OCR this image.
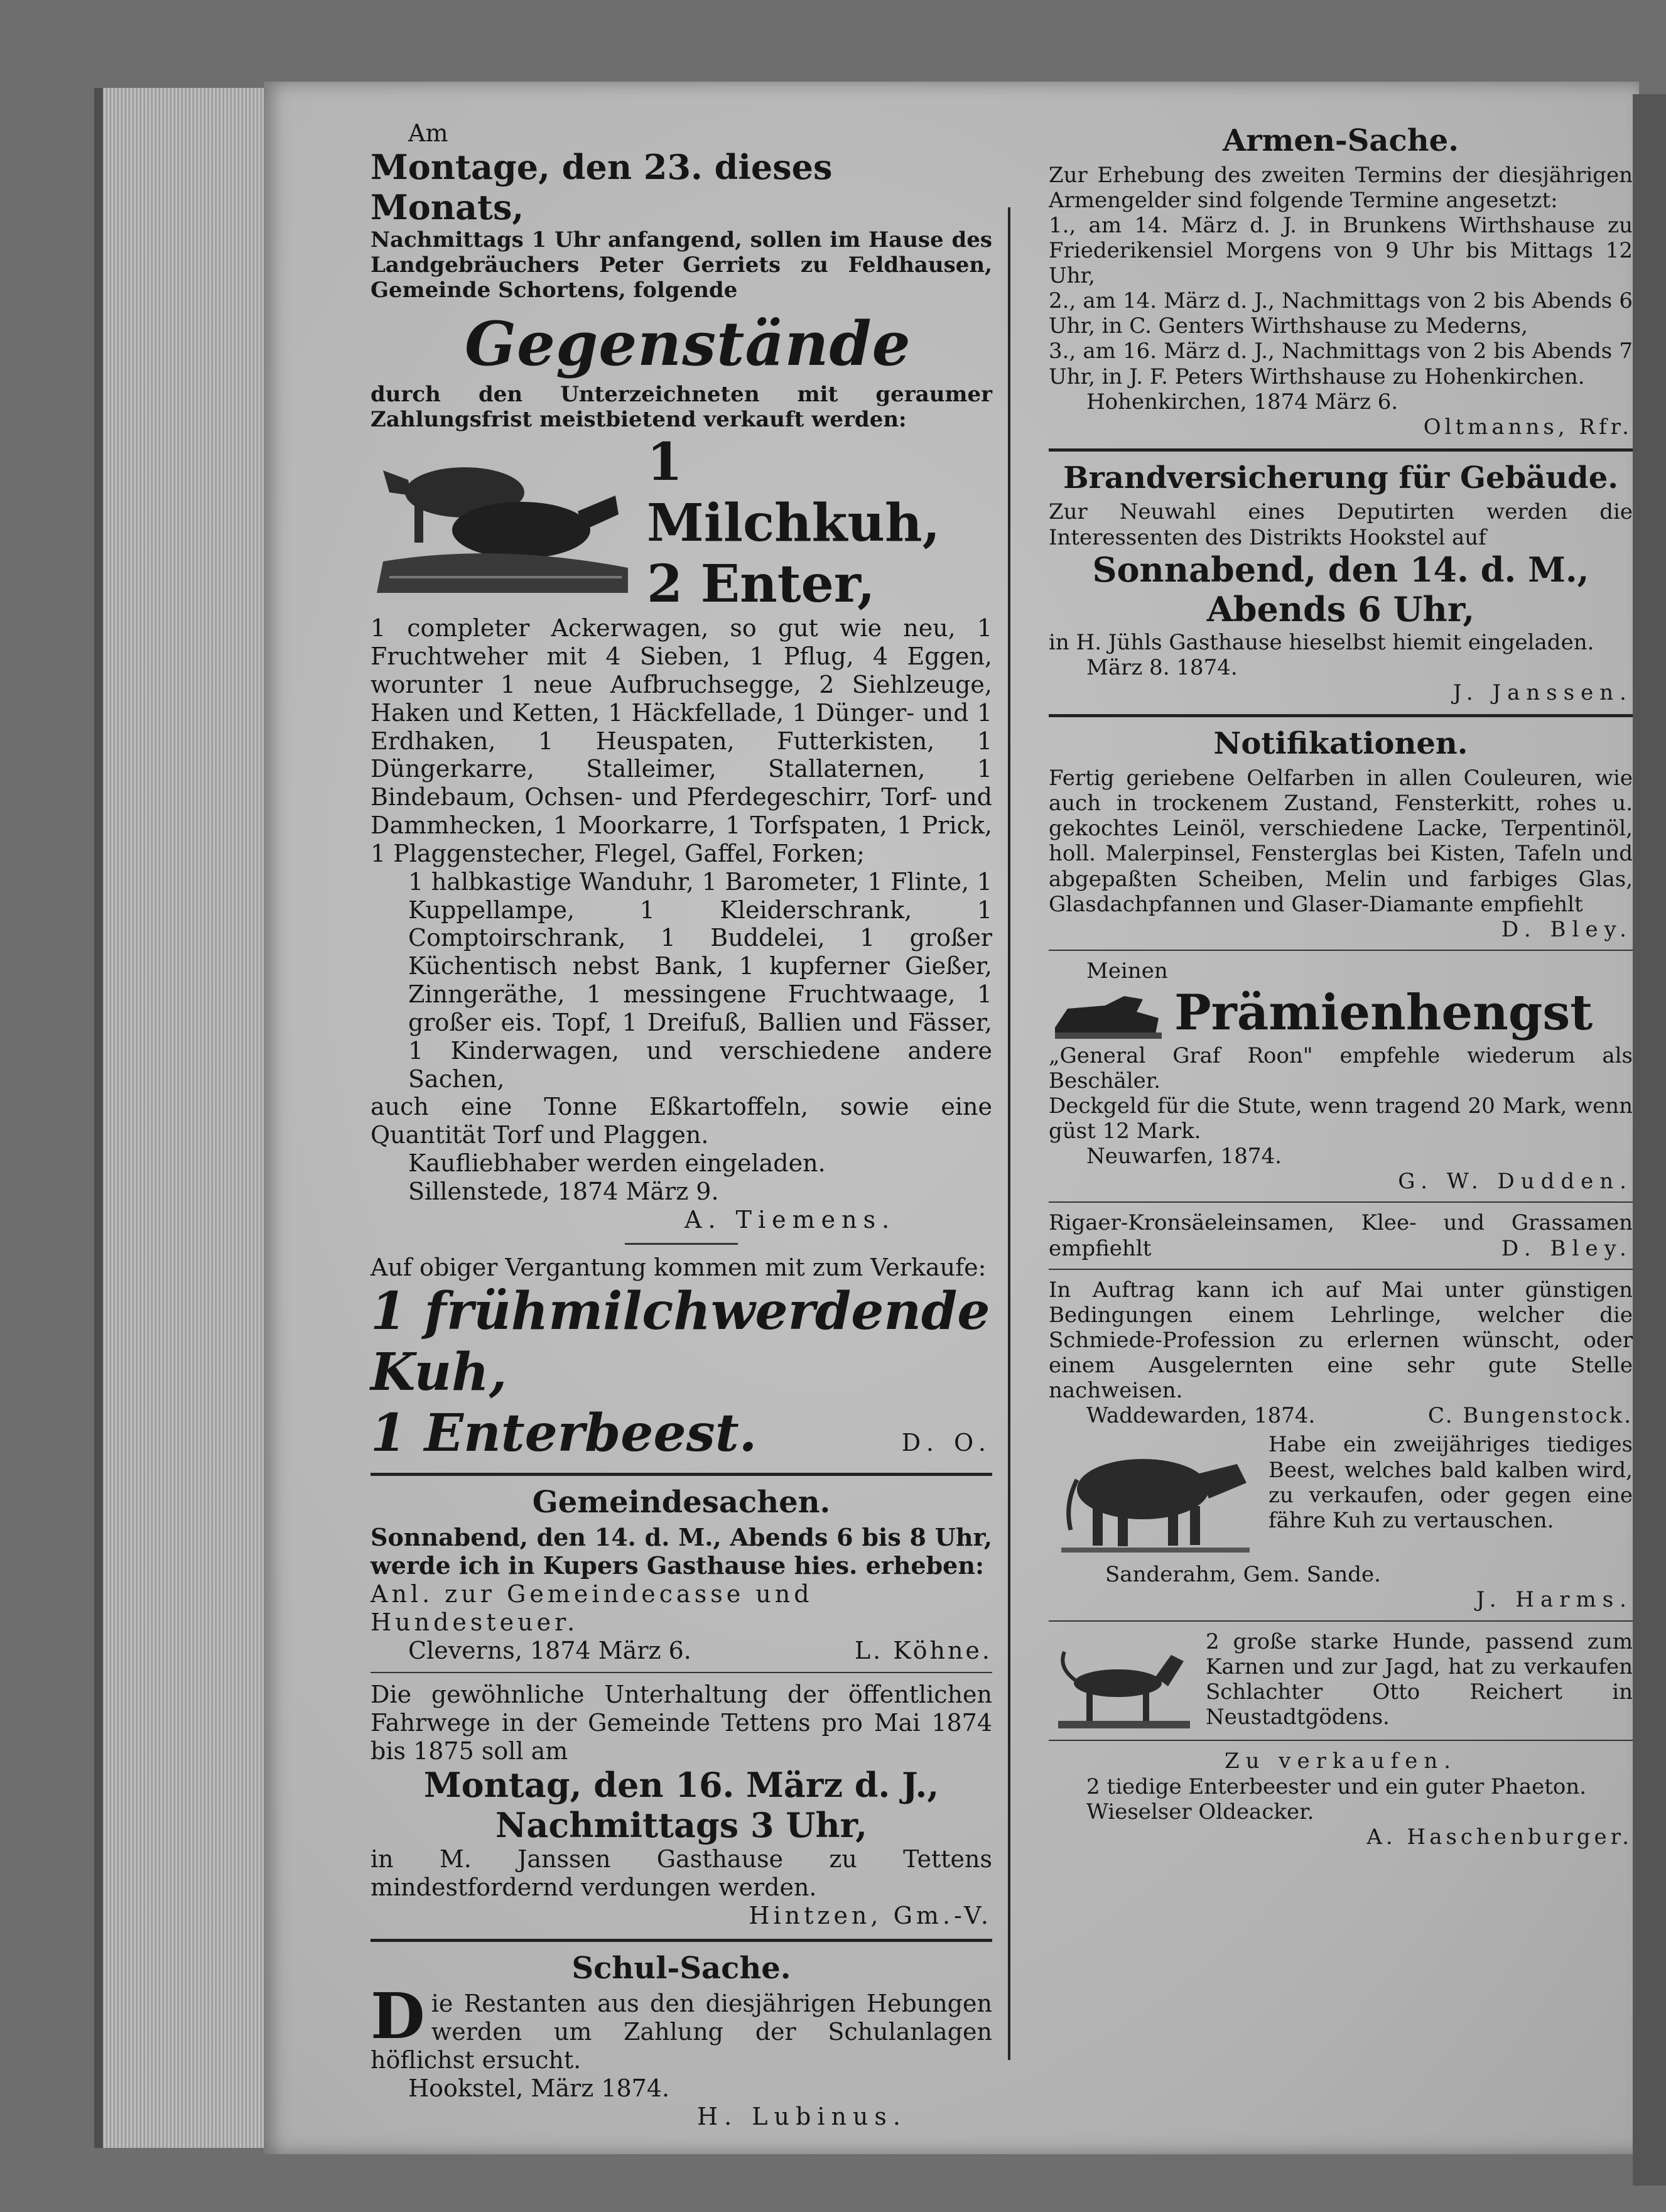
Am

Montage, den 23. dieses Monats,

Nachmittags 1 Uhr anfangend, sollen im Hause des Landgebräuchers Peter Gerriets zu Feldhausen, Gemeinde Schortens, folgende

Gegenstände

durch den Unterzeichneten mit geraumer Zahlungsfrist meistbietend verkauft werden:

1 Milchkuh,

2 Enter,

1 completer Ackerwagen, so gut wie neu, 1 Fruchtweher mit 4 Sieben, 1 Pflug, 4 Eggen, worunter 1 neue Aufbruchsegge, 2 Siehlzeuge, Haken und Ketten, 1 Häckfellade, 1 Dünger- und 1 Erdhaken, 1 Heuspaten, Futterkisten, 1 Düngerkarre, Stalleimer, Stallaternen, 1 Bindebaum, Ochsen- und Pferdegeschirr, Torf- und Dammhecken, 1 Moorkarre, 1 Torfspaten, 1 Prick, 1 Plaggenstecher, Flegel, Gaffel, Forken;

1 halbkastige Wanduhr, 1 Barometer, 1 Flinte, 1 Kuppellampe, 1 Kleiderschrank, 1 Comptoirschrank, 1 Buddelei, 1 großer Küchentisch nebst Bank, 1 kupferner Gießer, Zinngeräthe, 1 messingene Fruchtwaage, 1 großer eis. Topf, 1 Dreifuß, Ballien und Fässer, 1 Kinderwagen, und verschiedene andere Sachen,

auch eine Tonne Eßkartoffeln, sowie eine Quantität Torf und Plaggen.

Kaufliebhaber werden eingeladen.

Sillenstede, 1874 März 9.

A. Tiemens.

Auf obiger Vergantung kommen mit zum Verkaufe:

1 frühmilchwerdende Kuh,

1 Enterbeest.	D. O.

Gemeindesachen.

Sonnabend, den 14. d. M., Abends 6 bis 8 Uhr, werde ich in Kupers Gasthause hies. erheben:

Anl. zur Gemeindecasse und Hundesteuer.

Cleverns, 1874 März 6.	L. Köhne.

Die gewöhnliche Unterhaltung der öffentlichen Fahrwege in der Gemeinde Tettens pro Mai 1874 bis 1875 soll am

Montag, den 16. März d. J.,

Nachmittags 3 Uhr,

in M. Janssen Gasthause zu Tettens mindestfordernd verdungen werden.

Hintzen, Gm.-V.

Schul-Sache.

Die Restanten aus den diesjährigen Hebungen werden um Zahlung der Schulanlagen höflichst ersucht.

Hookstel, März 1874.

H. Lubinus.

Armen-Sache.

Zur Erhebung des zweiten Termins der diesjährigen Armengelder sind folgende Termine angesetzt:

1., am 14. März d. J. in Brunkens Wirthshause zu Friederikensiel Morgens von 9 Uhr bis Mittags 12 Uhr,

2., am 14. März d. J., Nachmittags von 2 bis Abends 6 Uhr, in C. Genters Wirthshause zu Mederns,

3., am 16. März d. J., Nachmittags von 2 bis Abends 7 Uhr, in J. F. Peters Wirthshause zu Hohenkirchen.

Hohenkirchen, 1874 März 6.

Oltmanns, Rfr.

Brandversicherung für Gebäude.

Zur Neuwahl eines Deputirten werden die Interessenten des Distrikts Hookstel auf

Sonnabend, den 14. d. M.,

Abends 6 Uhr,

in H. Jühls Gasthause hieselbst hiemit eingeladen.

März 8. 1874.

J. Janssen.

Notifikationen.

Fertig geriebene Oelfarben in allen Couleuren, wie auch in trockenem Zustand, Fensterkitt, rohes u. gekochtes Leinöl, verschiedene Lacke, Terpentinöl, holl. Malerpinsel, Fensterglas bei Kisten, Tafeln und abgepaßten Scheiben, Melin und farbiges Glas, Glasdachpfannen und Glaser-Diamante empfiehlt

D. Bley.

Meinen

Prämienhengst

„General Graf Roon" empfehle wiederum als Beschäler.

Deckgeld für die Stute, wenn tragend 20 Mark, wenn güst 12 Mark.

Neuwarfen, 1874.

G. W. Dudden.

Rigaer-Kronsäeleinsamen, Klee- und Grassamen empfiehlt	D. Bley.

In Auftrag kann ich auf Mai unter günstigen Bedingungen einem Lehrlinge, welcher die Schmiede-Profession zu erlernen wünscht, oder einem Ausgelernten eine sehr gute Stelle nachweisen.

Waddewarden, 1874.	C. Bungenstock.

Habe ein zweijähriges tiediges Beest, welches bald kalben wird, zu verkaufen, oder gegen eine fähre Kuh zu vertauschen.

Sanderahm, Gem. Sande.

J. Harms.

2 große starke Hunde, passend zum Karnen und zur Jagd, hat zu verkaufen Schlachter Otto Reichert in Neustadtgödens.

Zu verkaufen.

2 tiedige Enterbeester und ein guter Phaeton.

Wieselser Oldeacker.

A. Haschenburger.
